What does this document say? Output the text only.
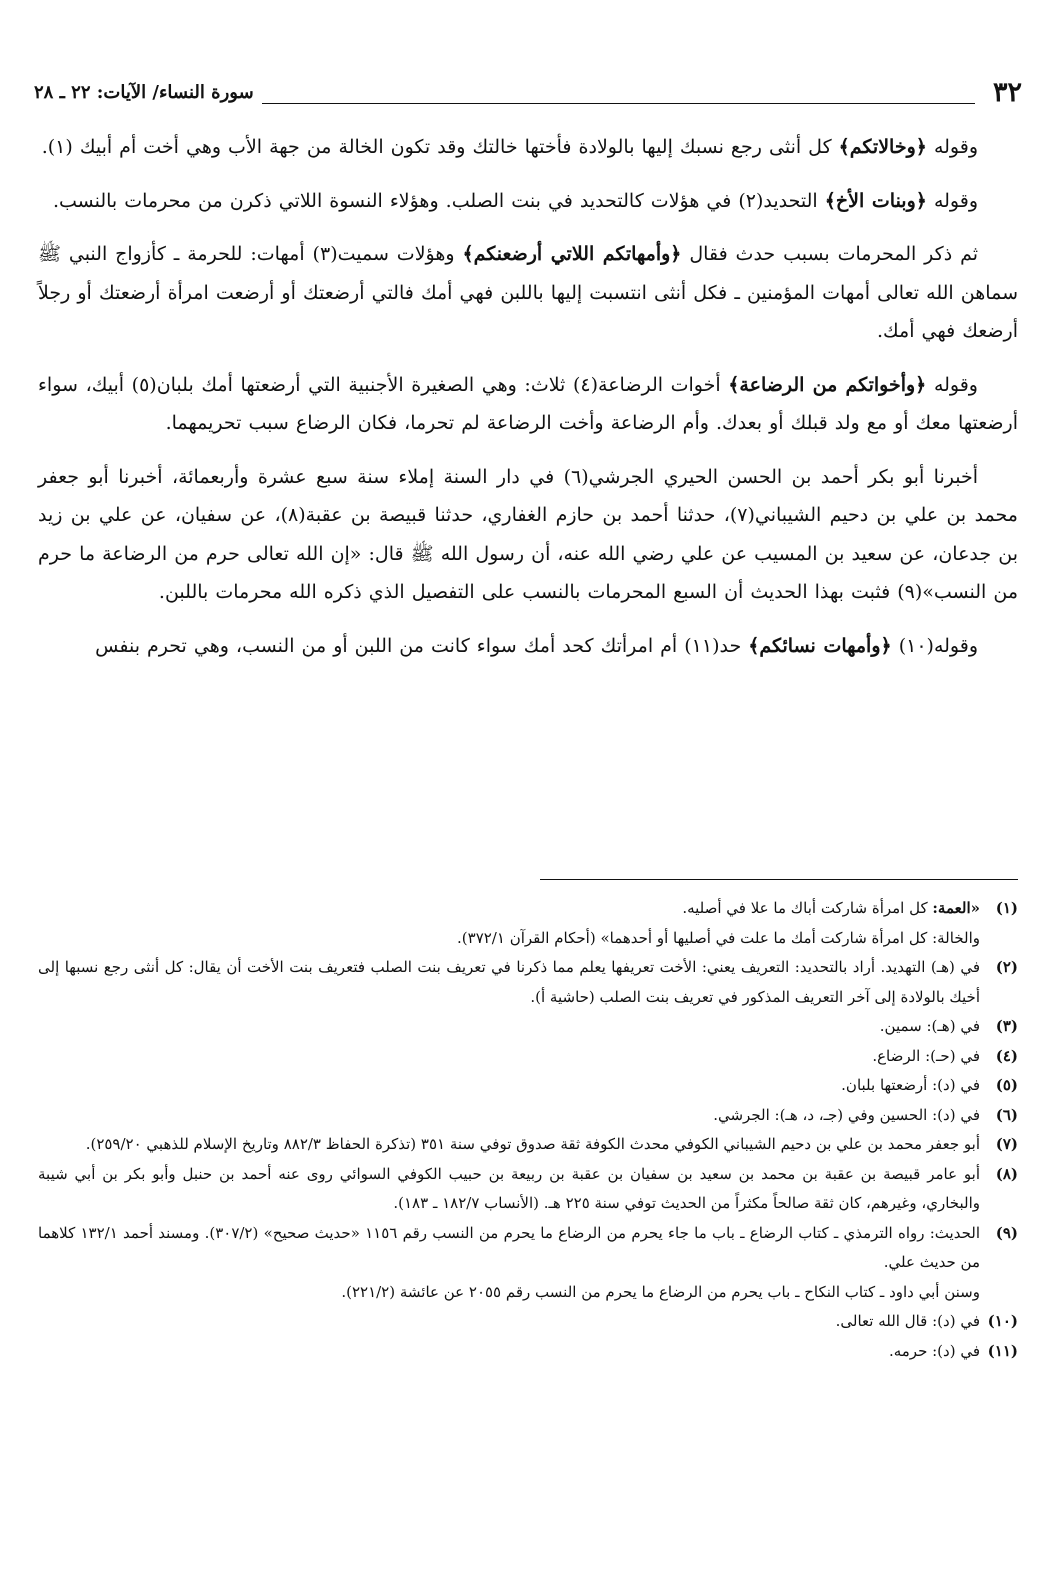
٣٢
سورة النساء/ الآيات: ٢٢ ـ ٢٨

وقوله ﴿وخالاتكم﴾ كل أنثى رجع نسبك إليها بالولادة فأختها خالتك وقد تكون الخالة من جهة الأب وهي أخت أم أبيك (١).

وقوله ﴿وبنات الأخ﴾ التحديد(٢) في هؤلات كالتحديد في بنت الصلب. وهؤلاء النسوة اللاتي ذكرن من محرمات بالنسب.

ثم ذكر المحرمات بسبب حدث فقال ﴿وأمهاتكم اللاتي أرضعنكم﴾ وهؤلات سميت(٣) أمهات: للحرمة ـ كأزواج النبي ﷺ سماهن الله تعالى أمهات المؤمنين ـ فكل أنثى انتسبت إليها باللبن فهي أمك فالتي أرضعتك أو أرضعت امرأة أرضعتك أو رجلاً أرضعك فهي أمك.

وقوله ﴿وأخواتكم من الرضاعة﴾ أخوات الرضاعة(٤) ثلاث: وهي الصغيرة الأجنبية التي أرضعتها أمك بلبان(٥) أبيك، سواء أرضعتها معك أو مع ولد قبلك أو بعدك. وأم الرضاعة وأخت الرضاعة لم تحرما، فكان الرضاع سبب تحريمهما.

أخبرنا أبو بكر أحمد بن الحسن الحيري الجرشي(٦) في دار السنة إملاء سنة سبع عشرة وأربعمائة، أخبرنا أبو جعفر محمد بن علي بن دحيم الشيباني(٧)، حدثنا أحمد بن حازم الغفاري، حدثنا قبيصة بن عقبة(٨)، عن سفيان، عن علي بن زيد بن جدعان، عن سعيد بن المسيب عن علي رضي الله عنه، أن رسول الله ﷺ قال: «إن الله تعالى حرم من الرضاعة ما حرم من النسب»(٩) فثبت بهذا الحديث أن السبع المحرمات بالنسب على التفصيل الذي ذكره الله محرمات باللبن.

وقوله(١٠) ﴿وأمهات نسائكم﴾ حد(١١) أم امرأتك كحد أمك سواء كانت من اللبن أو من النسب، وهي تحرم بنفس

(١)
«العمة: كل امرأة شاركت أباك ما علا في أصليه.

والخالة: كل امرأة شاركت أمك ما علت في أصليها أو أحدهما» (أحكام القرآن ٣٧٢/١).

(٢)
في (هـ) التهديد. أراد بالتحديد: التعريف يعني: الأخت تعريفها يعلم مما ذكرنا في تعريف بنت الصلب فتعريف بنت الأخت أن يقال: كل أنثى رجع نسبها إلى أخيك بالولادة إلى آخر التعريف المذكور في تعريف بنت الصلب (حاشية أ).

(٣)
في (هـ): سمين.

(٤)
في (حـ): الرضاع.

(٥)
في (د): أرضعتها بلبان.

(٦)
في (د): الحسين وفي (جـ، د، هـ): الجرشي.

(٧)
أبو جعفر محمد بن علي بن دحيم الشيباني الكوفي محدث الكوفة ثقة صدوق توفي سنة ٣٥١ (تذكرة الحفاظ ٨٨٢/٣ وتاريخ الإسلام للذهبي ٢٥٩/٢٠).

(٨)
أبو عامر قبيصة بن عقبة بن محمد بن سعيد بن سفيان بن عقبة بن ربيعة بن حبيب الكوفي السوائي روى عنه أحمد بن حنبل وأبو بكر بن أبي شيبة والبخاري، وغيرهم، كان ثقة صالحاً مكثراً من الحديث توفي سنة ٢٢٥ هـ. (الأنساب ١٨٢/٧ ـ ١٨٣).

(٩)
الحديث: رواه الترمذي ـ كتاب الرضاع ـ باب ما جاء يحرم من الرضاع ما يحرم من النسب رقم ١١٥٦ «حديث صحيح» (٣٠٧/٢). ومسند أحمد ١٣٢/١ كلاهما من حديث علي.

وسنن أبي داود ـ كتاب النكاح ـ باب يحرم من الرضاع ما يحرم من النسب رقم ٢٠٥٥ عن عائشة (٢٢١/٢).

(١٠)
في (د): قال الله تعالى.

(١١)
في (د): حرمه.
